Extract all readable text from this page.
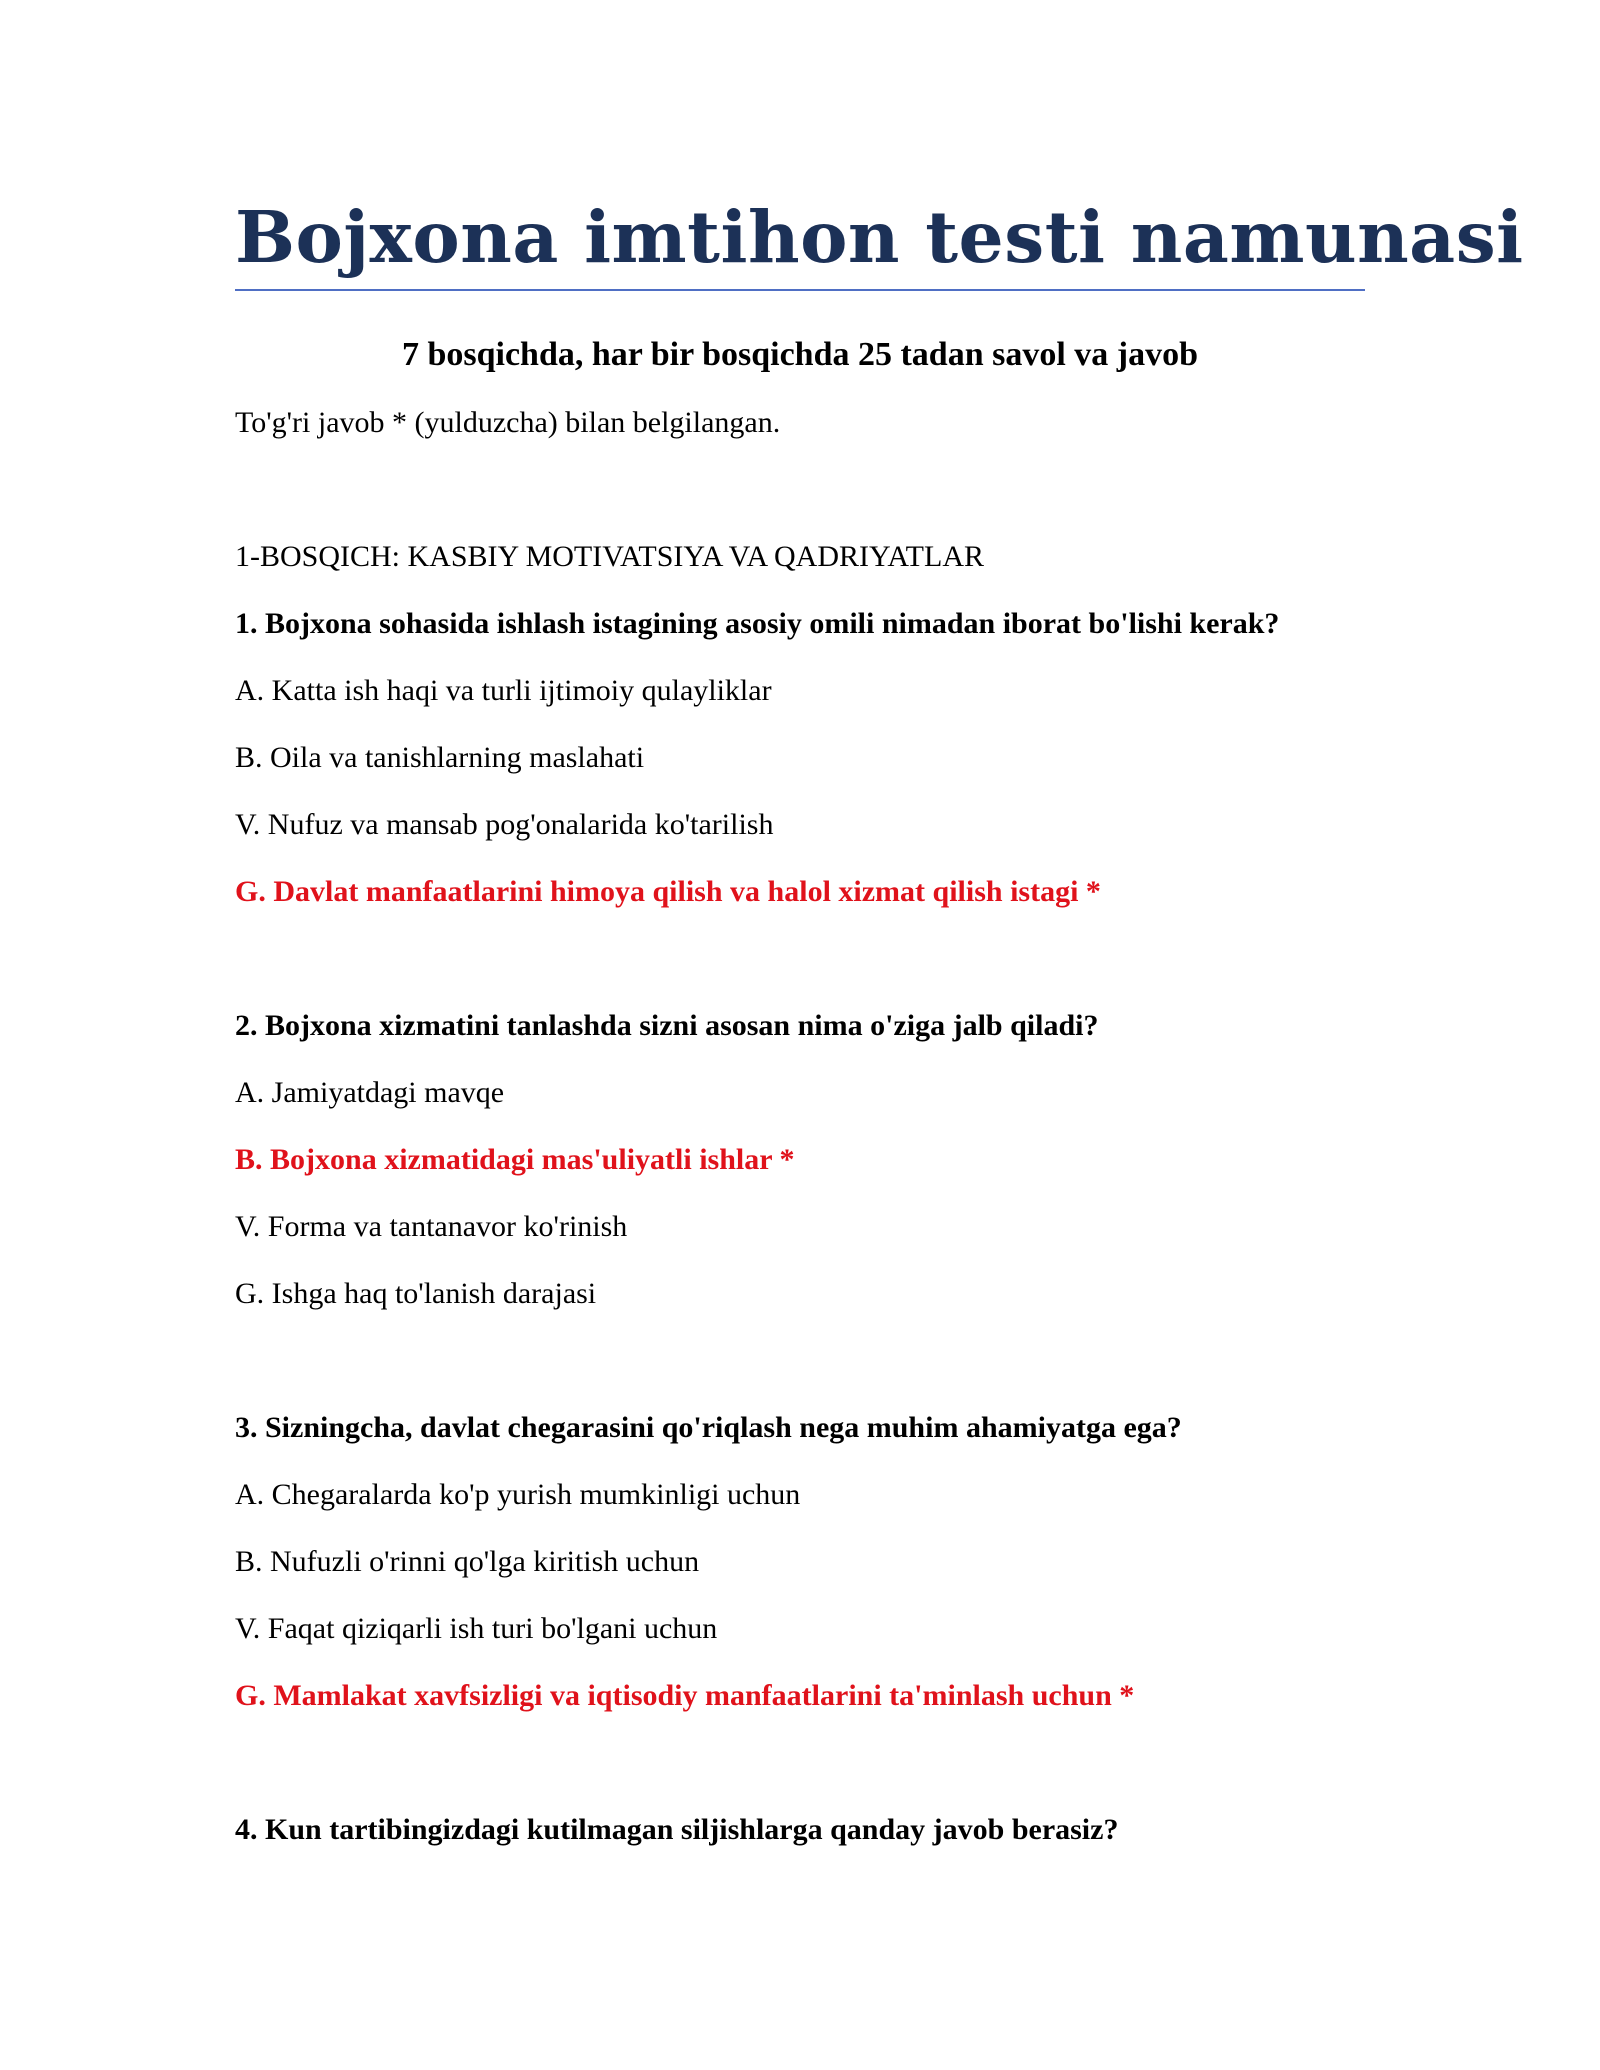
Bojxona imtihon testi namunasi
7 bosqichda, har bir bosqichda 25 tadan savol va javob
To'g'ri javob * (yulduzcha) bilan belgilangan.
1-BOSQICH: KASBIY MOTIVATSIYA VA QADRIYATLAR
1. Bojxona sohasida ishlash istagining asosiy omili nimadan iborat bo'lishi kerak?
A. Katta ish haqi va turli ijtimoiy qulayliklar
B. Oila va tanishlarning maslahati
V. Nufuz va mansab pog'onalarida ko'tarilish
G. Davlat manfaatlarini himoya qilish va halol xizmat qilish istagi *
2. Bojxona xizmatini tanlashda sizni asosan nima o'ziga jalb qiladi?
A. Jamiyatdagi mavqe
B. Bojxona xizmatidagi mas'uliyatli ishlar *
V. Forma va tantanavor ko'rinish
G. Ishga haq to'lanish darajasi
3. Sizningcha, davlat chegarasini qo'riqlash nega muhim ahamiyatga ega?
A. Chegaralarda ko'p yurish mumkinligi uchun
B. Nufuzli o'rinni qo'lga kiritish uchun
V. Faqat qiziqarli ish turi bo'lgani uchun
G. Mamlakat xavfsizligi va iqtisodiy manfaatlarini ta'minlash uchun *
4. Kun tartibingizdagi kutilmagan siljishlarga qanday javob berasiz?
